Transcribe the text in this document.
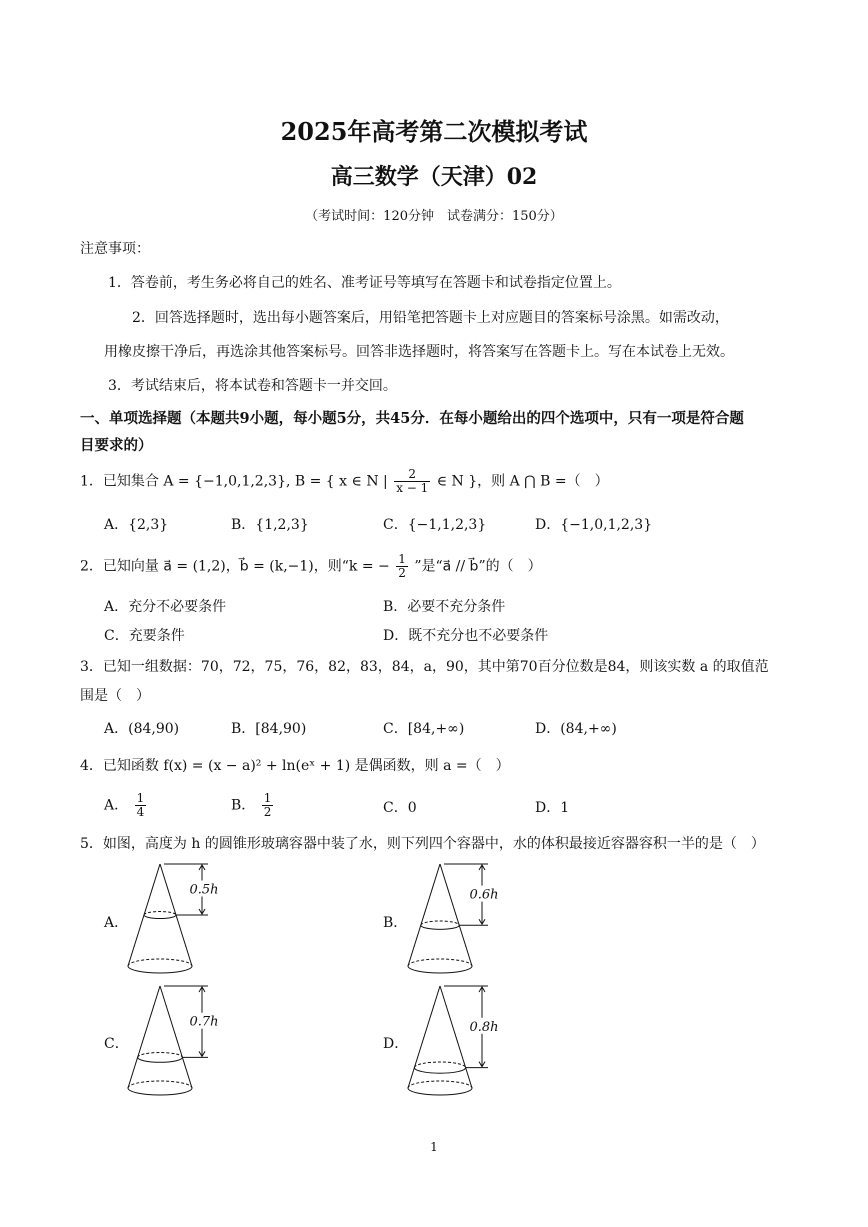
2025年高考第二次模拟考试
高三数学（天津）02
（考试时间：120分钟　试卷满分：150分）
注意事项：
1．答卷前，考生务必将自己的姓名、准考证号等填写在答题卡和试卷指定位置上。
2．回答选择题时，选出每小题答案后，用铅笔把答题卡上对应题目的答案标号涂黑。如需改动，
用橡皮擦干净后，再选涂其他答案标号。回答非选择题时，将答案写在答题卡上。写在本试卷上无效。
3．考试结束后，将本试卷和答题卡一并交回。
一、单项选择题（本题共9小题，每小题5分，共45分．在每小题给出的四个选项中，只有一项是符合题
目要求的）
1．已知集合 A = {−1,0,1,2,3}, B = { x ∈ N | $\frac{2}{x - 1}$ ∈ N }，则 A ⋂ B =（　）
A．{2,3}	B．{1,2,3}	C．{−1,1,2,3}	D．{−1,0,1,2,3}
2．已知向量 a⃗ = (1,2)，b⃗ = (k,−1)，则“k = − $\frac{1}{2}$ ”是“a⃗ // b⃗”的（　）
A．充分不必要条件	B．必要不充分条件
C．充要条件	D．既不充分也不必要条件
3．已知一组数据：70，72，75，76，82，83，84，a，90，其中第70百分位数是84，则该实数 a 的取值范
围是（　）
A．(84,90)	B．[84,90)	C．[84,+∞)	D．(84,+∞)
4．已知函数 f(x) = (x − a)² + ln(eˣ + 1) 是偶函数，则 a =（　）
A． $\frac{1}{4}$	B． $\frac{1}{2}$	C．0	D．1
5．如图，高度为 h 的圆锥形玻璃容器中装了水，则下列四个容器中，水的体积最接近容器容积一半的是（　）
A．
0.5h
B．
0.6h
C．
0.7h
D．
0.8h
1
